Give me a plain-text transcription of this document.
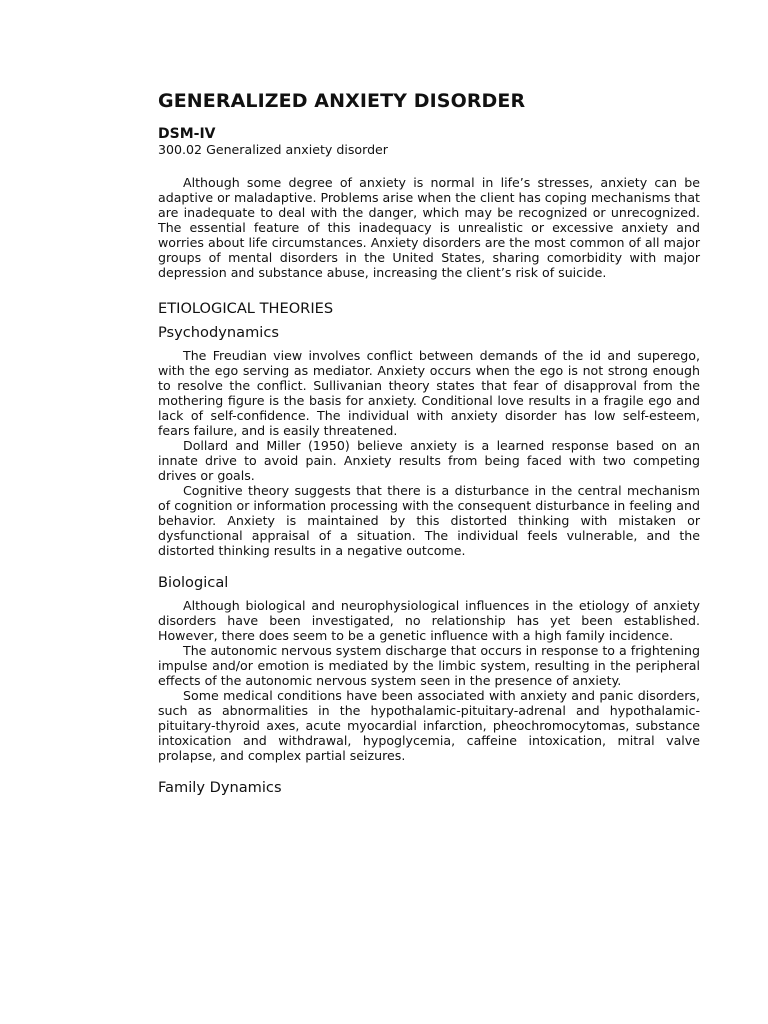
GENERALIZED ANXIETY DISORDER
DSM-IV
300.02 Generalized anxiety disorder

Although some degree of anxiety is normal in life’s stresses, anxiety can be adaptive or maladaptive. Problems arise when the client has coping mechanisms that are inadequate to deal with the danger, which may be recognized or unrecognized. The essential feature of this inadequacy is unrealistic or excessive anxiety and worries about life circumstances. Anxiety disorders are the most common of all major groups of mental disorders in the United States, sharing comorbidity with major depression and substance abuse, increasing the client’s risk of suicide.

ETIOLOGICAL THEORIES
Psychodynamics

The Freudian view involves conflict between demands of the id and superego, with the ego serving as mediator. Anxiety occurs when the ego is not strong enough to resolve the conflict. Sullivanian theory states that fear of disapproval from the mothering figure is the basis for anxiety. Conditional love results in a fragile ego and lack of self-confidence. The individual with anxiety disorder has low self-esteem, fears failure, and is easily threatened.

Dollard and Miller (1950) believe anxiety is a learned response based on an innate drive to avoid pain. Anxiety results from being faced with two competing drives or goals.

Cognitive theory suggests that there is a disturbance in the central mechanism of cognition or information processing with the consequent disturbance in feeling and behavior. Anxiety is maintained by this distorted thinking with mistaken or dysfunctional appraisal of a situation. The individual feels vulnerable, and the distorted thinking results in a negative outcome.

Biological

Although biological and neurophysiological influences in the etiology of anxiety disorders have been investigated, no relationship has yet been established. However, there does seem to be a genetic influence with a high family incidence.

The autonomic nervous system discharge that occurs in response to a frightening impulse and/or emotion is mediated by the limbic system, resulting in the peripheral effects of the autonomic nervous system seen in the presence of anxiety.

Some medical conditions have been associated with anxiety and panic disorders, such as abnormalities in the hypothalamic-pituitary-adrenal and hypothalamic-pituitary-thyroid axes, acute myocardial infarction, pheochromocytomas, substance intoxication and withdrawal, hypoglycemia, caffeine intoxication, mitral valve prolapse, and complex partial seizures.

Family Dynamics
